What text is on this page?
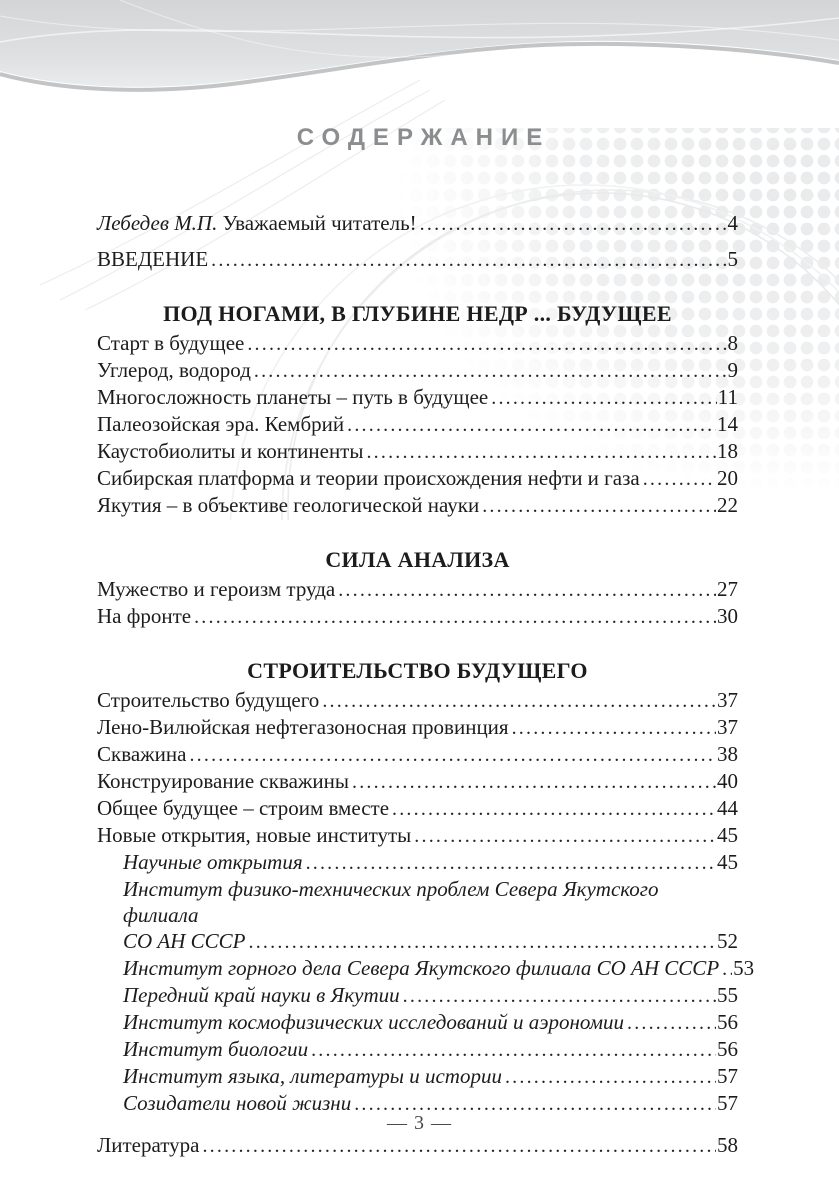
СОДЕРЖАНИЕ
Лебедев М.П. Уважаемый читатель! .....	4
ВВЕДЕНИЕ .....	5
ПОД НОГАМИ, В ГЛУБИНЕ НЕДР ... БУДУЩЕЕ
Старт в будущее .....	8
Углерод, водород .....	9
Многосложность планеты – путь в будущее .....	11
Палеозойская эра. Кембрий .....	14
Каустобиолиты и континенты .....	18
Сибирская платформа и теории происхождения нефти и газа .....	20
Якутия – в объективе геологической науки .....	22
СИЛА АНАЛИЗА
Мужество и героизм труда .....	27
На фронте .....	30
СТРОИТЕЛЬСТВО БУДУЩЕГО
Строительство будущего .....	37
Лено-Вилюйская нефтегазоносная провинция .....	37
Скважина .....	38
Конструирование скважины .....	40
Общее будущее – строим вместе .....	44
Новые открытия, новые институты .....	45
Научные открытия .....	45
Институт физико-технических проблем Севера Якутского филиала
СО АН СССР .....	52
Институт горного дела Севера Якутского филиала СО АН СССР ..... 53
Передний край науки в Якутии .....	55
Институт космофизических исследований и аэрономии .....	56
Институт биологии .....	56
Институт языка, литературы и истории .....	57
Созидатели новой жизни .....	57
Литература .....	58
— 3 —
